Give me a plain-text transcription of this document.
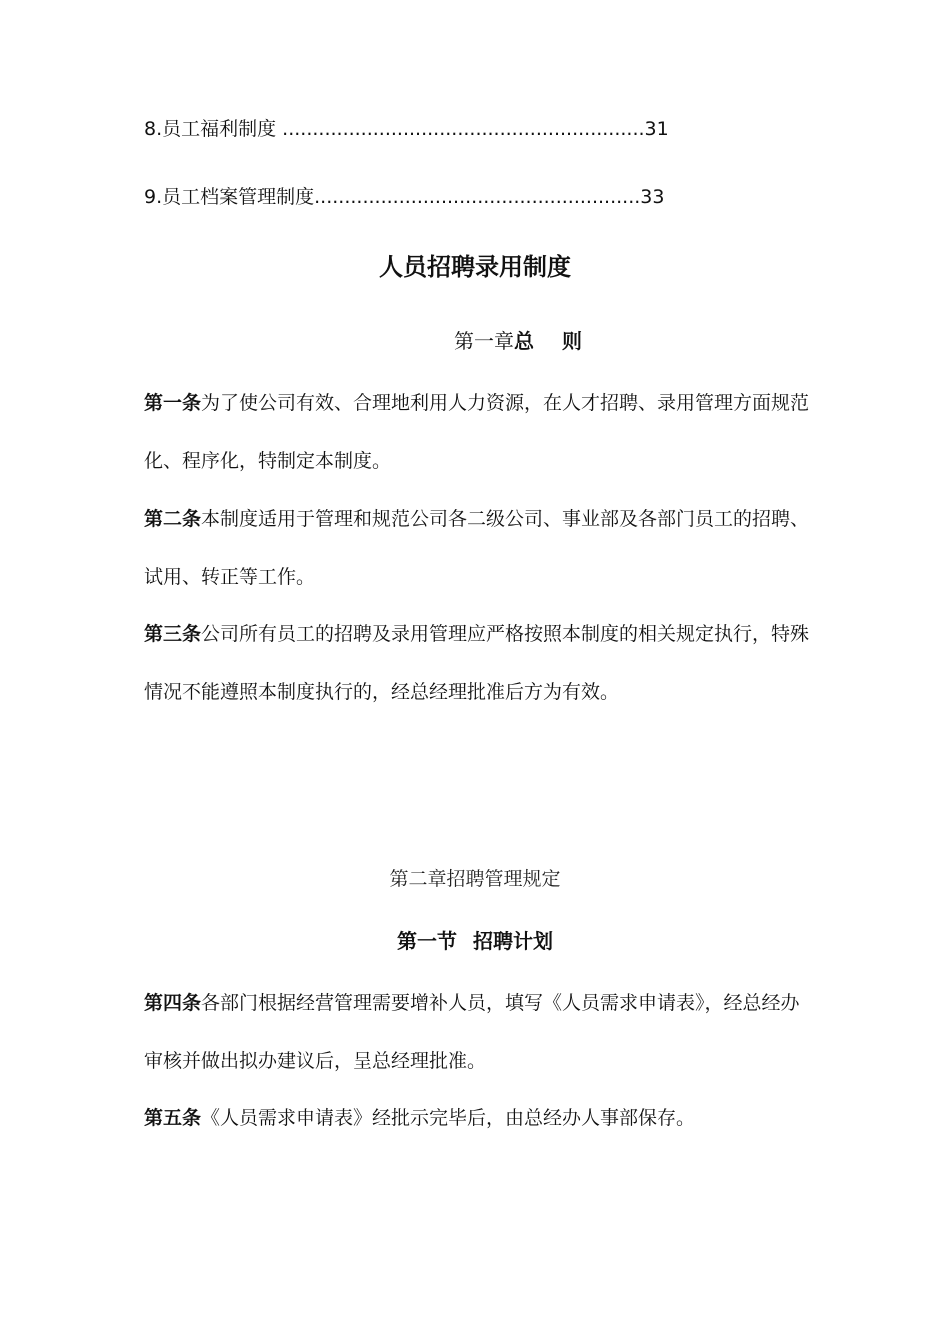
8.员工福利制度 ............................................................31
9.员工档案管理制度......................................................33
人员招聘录用制度
第一章总 则
第一条为了使公司有效、合理地利用人力资源，在人才招聘、录用管理方面规范化、程序化，特制定本制度。
第二条本制度适用于管理和规范公司各二级公司、事业部及各部门员工的招聘、试用、转正等工作。
第三条公司所有员工的招聘及录用管理应严格按照本制度的相关规定执行，特殊情况不能遵照本制度执行的，经总经理批准后方为有效。
第二章招聘管理规定
第一节 招聘计划
第四条各部门根据经营管理需要增补人员，填写《人员需求申请表》，经总经办审核并做出拟办建议后，呈总经理批准。
第五条《人员需求申请表》经批示完毕后，由总经办人事部保存。
